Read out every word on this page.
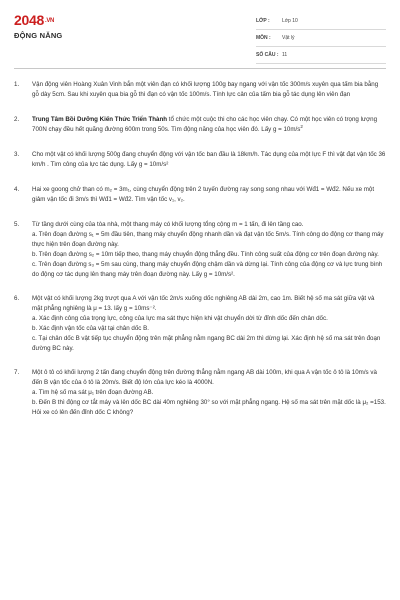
$2048^{.VN}$
ĐỘNG NĂNG
LỚP :	Lớp 10
MÔN :	Vật lý
SỐ CÂU : 11
1.	Vận động viên Hoàng Xuân Vinh bắn một viên đạn có khối lượng 100g bay ngang với vận tốc 300m/s xuyên qua tấm bia bằng gỗ dày 5cm. Sau khi xuyên qua bia gỗ thì đạn có vận tốc 100m/s. Tính lực cản của tấm bia gỗ tác dụng lên viên đạn

2.	Trung Tâm Bồi Dưỡng Kiến Thức Triển Thành tổ chức một cuộc thi cho các học viên chạy. Có một học viên có trọng lượng 700N chạy đều hết quãng đường 600m trong 50s. Tìm động năng của học viên đó. Lấy $g = 10m/s^2$

3.	Cho một vật có khối lượng 500g đang chuyển động với vận tốc ban đầu là 18km/h. Tác dụng của một lực F thì vật đạt vận tốc 36 km/h . Tìm công của lực tác dụng. Lấy g = 10m/s²

4.	Hai xe goong chở than có m₂ = 3m₁, cùng chuyển động trên 2 tuyến đường ray song song nhau với Wđ1 = Wđ2. Nếu xe một giảm vận tốc đi 3m/s thì Wđ1 = Wđ2. Tìm vận tốc v₁, v₂.

5.	Từ tầng dưới cùng của tòa nhà, một thang máy có khối lượng tổng cộng m = 1 tấn, đi lên tầng cao.

a. Trên đoạn đường s₁ = 5m đầu tiên, thang máy chuyển động nhanh dần và đạt vận tốc 5m/s. Tính công do động cơ thang máy thực hiện trên đoạn đường này.

b. Trên đoạn đường s₂ = 10m tiếp theo, thang máy chuyển động thẳng đều. Tính công suất của động cơ trên đoạn đường này.

c. Trên đoạn đường s₃ = 5m sau cùng, thang máy chuyển động chậm dần và dừng lại. Tính công của động cơ và lực trung bình do động cơ tác dụng lên thang máy trên đoạn đường này. Lấy g = 10m/s².

6.	Một vật có khối lượng 2kg trượt qua A với vận tốc 2m/s xuống dốc nghiêng AB dài 2m, cao 1m. Biết hệ số ma sát giữa vật và mặt phẳng nghiêng là μ = 13. lấy g = 10ms⁻².

a. Xác định công của trọng lực, công của lực ma sát thực hiện khi vật chuyển dời từ đỉnh dốc đến chân dốc.

b. Xác định vận tốc của vật tại chân dốc B.

c. Tại chân dốc B vật tiếp tục chuyển động trên mặt phẳng nằm ngang BC dài 2m thì dừng lại. Xác định hệ số ma sát trên đoạn đường BC này.

7.	Một ô tô có khối lượng 2 tấn đang chuyển động trên đường thẳng nằm ngang AB dài 100m, khi qua A vận tốc ô tô là 10m/s và đến B vận tốc của ô tô là 20m/s. Biết độ lớn của lực kéo là 4000N.

a. Tìm hệ số ma sát μ₁ trên đoạn đường AB.

b. Đến B thì động cơ tắt máy và lên dốc BC dài 40m nghiêng 30° so với mặt phẳng ngang. Hệ số ma sát trên mặt dốc là μ₂ =153. Hỏi xe có lên đến đỉnh dốc C không?
